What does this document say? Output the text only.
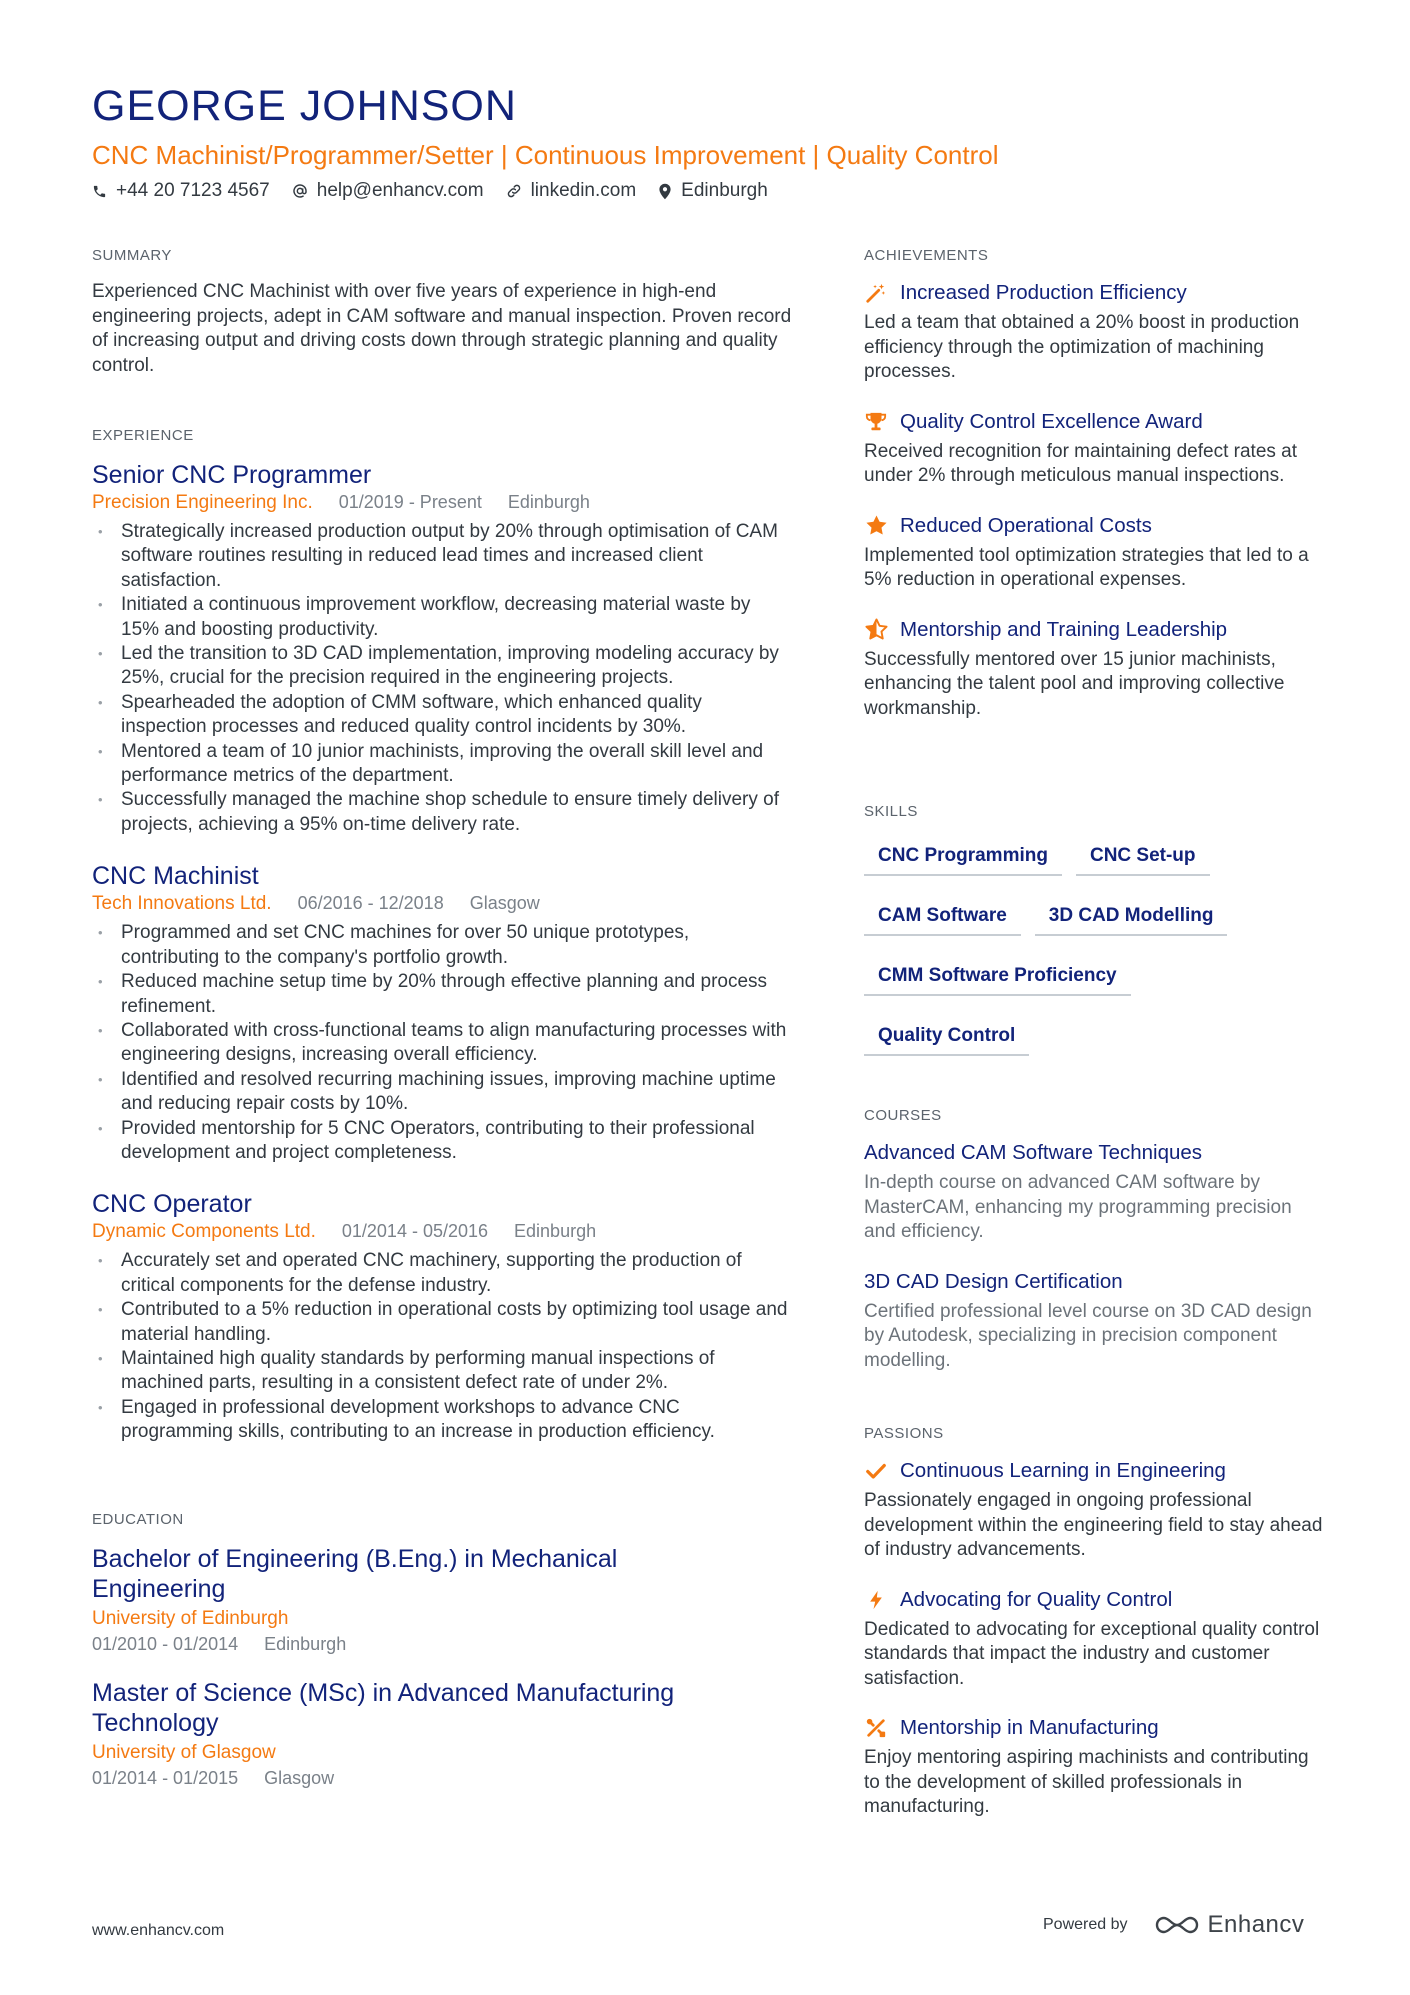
GEORGE JOHNSON
CNC Machinist/Programmer/Setter | Continuous Improvement | Quality Control
+44 20 7123 4567 help@enhancv.com linkedin.com Edinburgh
SUMMARY
Experienced CNC Machinist with over five years of experience in high-end engineering projects, adept in CAM software and manual inspection. Proven record of increasing output and driving costs down through strategic planning and quality control.
EXPERIENCE
Senior CNC Programmer
Precision Engineering Inc. 01/2019 - Present Edinburgh
• Strategically increased production output by 20% through optimisation of CAM software routines resulting in reduced lead times and increased client satisfaction.
• Initiated a continuous improvement workflow, decreasing material waste by 15% and boosting productivity.
• Led the transition to 3D CAD implementation, improving modeling accuracy by 25%, crucial for the precision required in the engineering projects.
• Spearheaded the adoption of CMM software, which enhanced quality inspection processes and reduced quality control incidents by 30%.
• Mentored a team of 10 junior machinists, improving the overall skill level and performance metrics of the department.
• Successfully managed the machine shop schedule to ensure timely delivery of projects, achieving a 95% on-time delivery rate.
CNC Machinist
Tech Innovations Ltd. 06/2016 - 12/2018 Glasgow
• Programmed and set CNC machines for over 50 unique prototypes, contributing to the company's portfolio growth.
• Reduced machine setup time by 20% through effective planning and process refinement.
• Collaborated with cross-functional teams to align manufacturing processes with engineering designs, increasing overall efficiency.
• Identified and resolved recurring machining issues, improving machine uptime and reducing repair costs by 10%.
• Provided mentorship for 5 CNC Operators, contributing to their professional development and project completeness.
CNC Operator
Dynamic Components Ltd. 01/2014 - 05/2016 Edinburgh
• Accurately set and operated CNC machinery, supporting the production of critical components for the defense industry.
• Contributed to a 5% reduction in operational costs by optimizing tool usage and material handling.
• Maintained high quality standards by performing manual inspections of machined parts, resulting in a consistent defect rate of under 2%.
• Engaged in professional development workshops to advance CNC programming skills, contributing to an increase in production efficiency.
EDUCATION
Bachelor of Engineering (B.Eng.) in Mechanical Engineering
University of Edinburgh
01/2010 - 01/2014 Edinburgh
Master of Science (MSc) in Advanced Manufacturing Technology
University of Glasgow
01/2014 - 01/2015 Glasgow
ACHIEVEMENTS
Increased Production Efficiency
Led a team that obtained a 20% boost in production efficiency through the optimization of machining processes.
Quality Control Excellence Award
Received recognition for maintaining defect rates at under 2% through meticulous manual inspections.
Reduced Operational Costs
Implemented tool optimization strategies that led to a 5% reduction in operational expenses.
Mentorship and Training Leadership
Successfully mentored over 15 junior machinists, enhancing the talent pool and improving collective workmanship.
SKILLS
CNC Programming	CNC Set-up
CAM Software	3D CAD Modelling
CMM Software Proficiency
Quality Control
COURSES
Advanced CAM Software Techniques
In-depth course on advanced CAM software by MasterCAM, enhancing my programming precision and efficiency.
3D CAD Design Certification
Certified professional level course on 3D CAD design by Autodesk, specializing in precision component modelling.
PASSIONS
Continuous Learning in Engineering
Passionately engaged in ongoing professional development within the engineering field to stay ahead of industry advancements.
Advocating for Quality Control
Dedicated to advocating for exceptional quality control standards that impact the industry and customer satisfaction.
Mentorship in Manufacturing
Enjoy mentoring aspiring machinists and contributing to the development of skilled professionals in manufacturing.
www.enhancv.com	Powered by	Enhancv
